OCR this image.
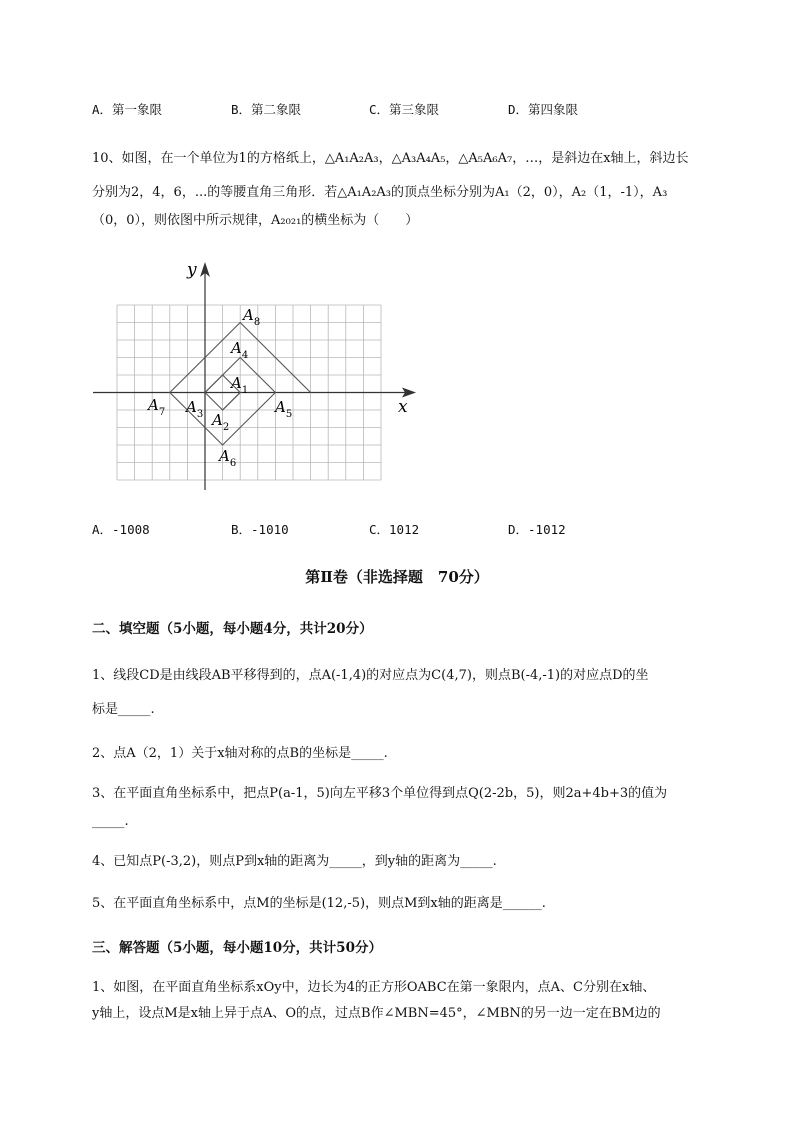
A．第一象限	B．第二象限	C．第三象限	D．第四象限
10、如图，在一个单位为1的方格纸上，△A₁A₂A₃，△A₃A₄A₅，△A₅A₆A₇，…，是斜边在x轴上，斜边长
分别为2，4，6，...的等腰直角三角形．若△A₁A₂A₃的顶点坐标分别为A₁（2，0），A₂（1，-1），A₃
（0，0），则依图中所示规律，A₂₀₂₁的横坐标为（　　）
x
y
$A_1$
$A_2$
$A_3$
$A_4$
$A_5$
$A_6$
$A_7$
$A_8$
A．-1008	B．-1010	C．1012	D．-1012
第Ⅱ卷（非选择题　70分）
二、填空题（5小题，每小题4分，共计20分）
1、线段CD是由线段AB平移得到的，点A(-1,4)的对应点为C(4,7)，则点B(-4,-1)的对应点D的坐
标是_____.
2、点A（2，1）关于x轴对称的点B的坐标是_____.
3、在平面直角坐标系中，把点P(a-1，5)向左平移3个单位得到点Q(2-2b，5)，则2a+4b+3的值为
_____.
4、已知点P(-3,2)，则点P到x轴的距离为_____，到y轴的距离为_____.
5、在平面直角坐标系中，点M的坐标是(12,-5)，则点M到x轴的距离是______.
三、解答题（5小题，每小题10分，共计50分）
1、如图，在平面直角坐标系xOy中，边长为4的正方形OABC在第一象限内，点A、C分别在x轴、
y轴上，设点M是x轴上异于点A、O的点，过点B作∠MBN=45°，∠MBN的另一边一定在BM边的
